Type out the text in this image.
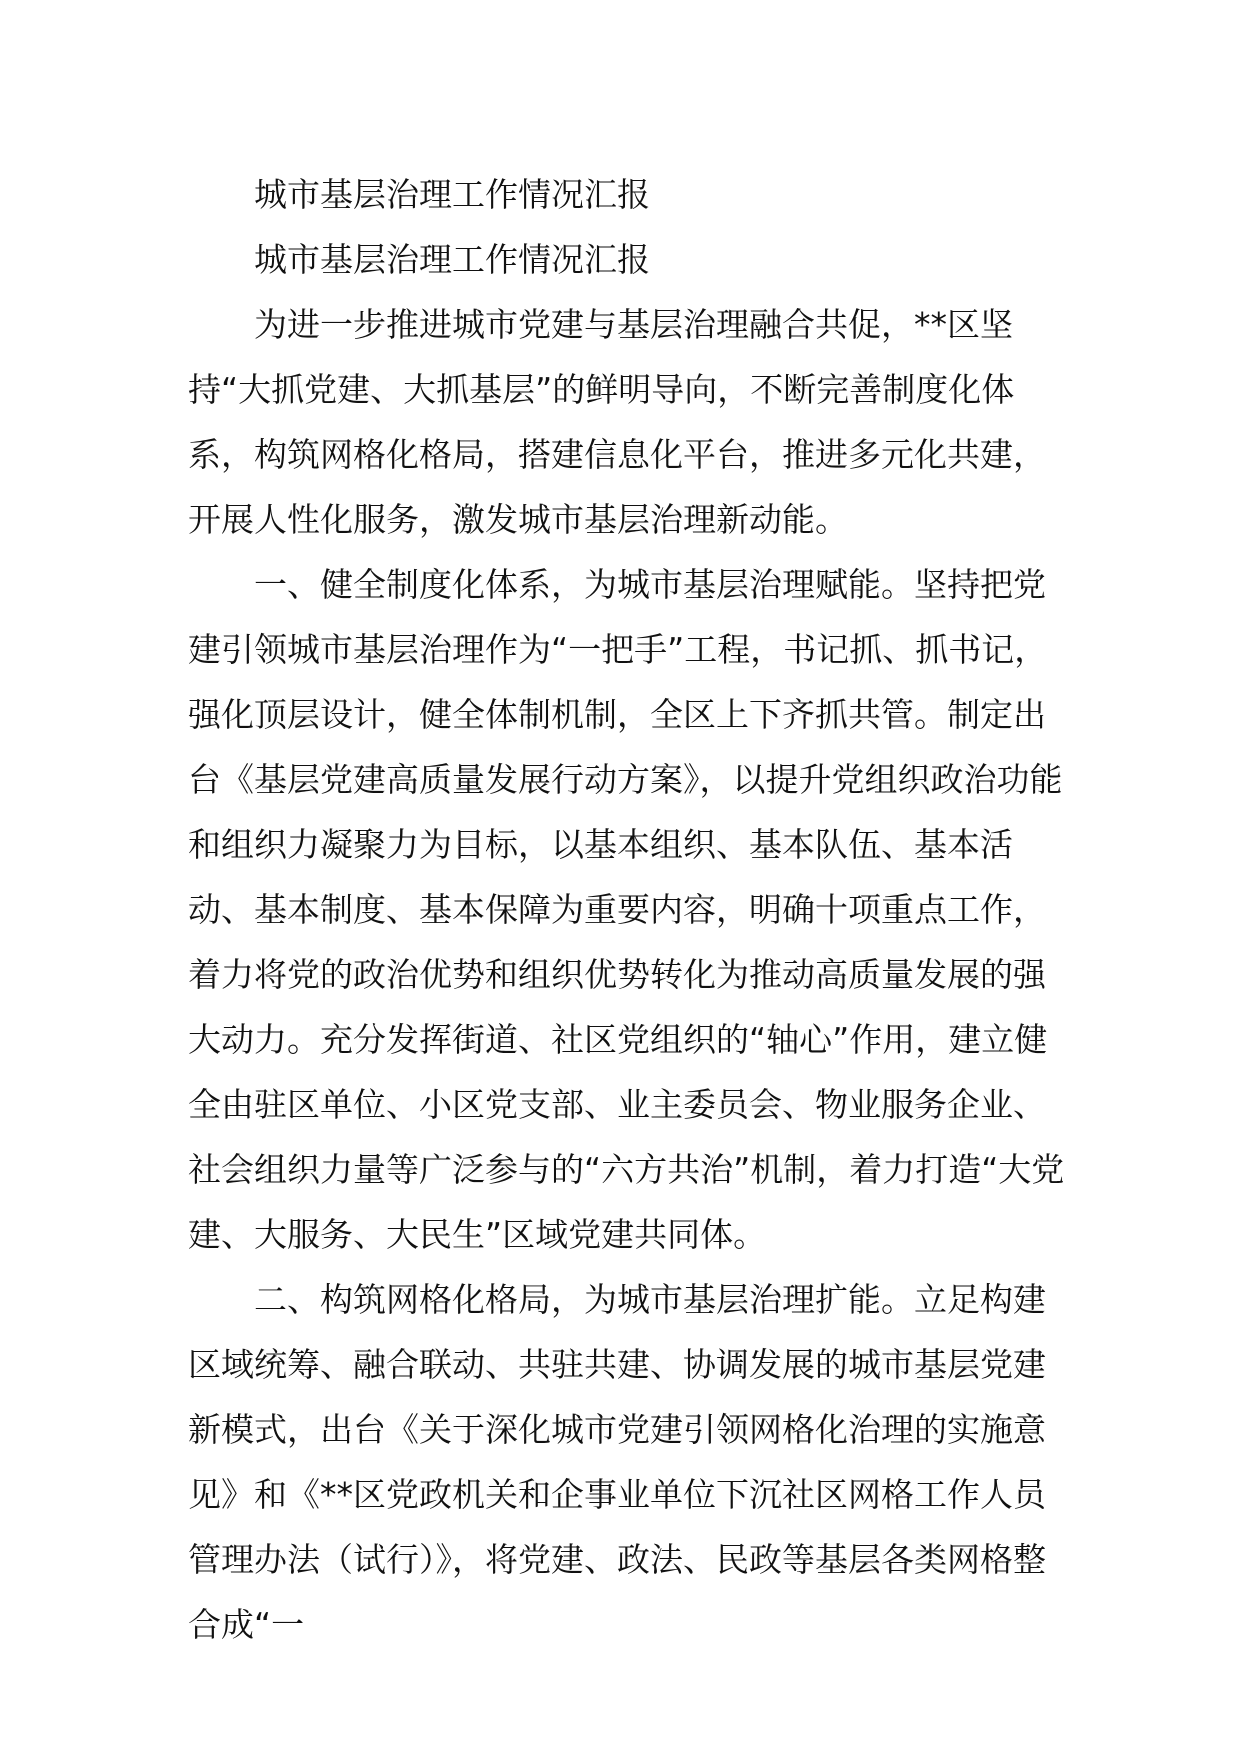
城市基层治理工作情况汇报

城市基层治理工作情况汇报

为进一步推进城市党建与基层治理融合共促，**区坚持“大抓党建、大抓基层”的鲜明导向，不断完善制度化体系，构筑网格化格局，搭建信息化平台，推进多元化共建，开展人性化服务，激发城市基层治理新动能。

一、健全制度化体系，为城市基层治理赋能。坚持把党建引领城市基层治理作为“一把手”工程，书记抓、抓书记，强化顶层设计，健全体制机制，全区上下齐抓共管。制定出台《基层党建高质量发展行动方案》，以提升党组织政治功能和组织力凝聚力为目标，以基本组织、基本队伍、基本活动、基本制度、基本保障为重要内容，明确十项重点工作，着力将党的政治优势和组织优势转化为推动高质量发展的强大动力。充分发挥街道、社区党组织的“轴心”作用，建立健全由驻区单位、小区党支部、业主委员会、物业服务企业、社会组织力量等广泛参与的“六方共治”机制，着力打造“大党建、大服务、大民生”区域党建共同体。

二、构筑网格化格局，为城市基层治理扩能。立足构建区域统筹、融合联动、共驻共建、协调发展的城市基层党建新模式，出台《关于深化城市党建引领网格化治理的实施意见》和《**区党政机关和企事业单位下沉社区网格工作人员管理办法（试行）》，将党建、政法、民政等基层各类网格整合成“一
